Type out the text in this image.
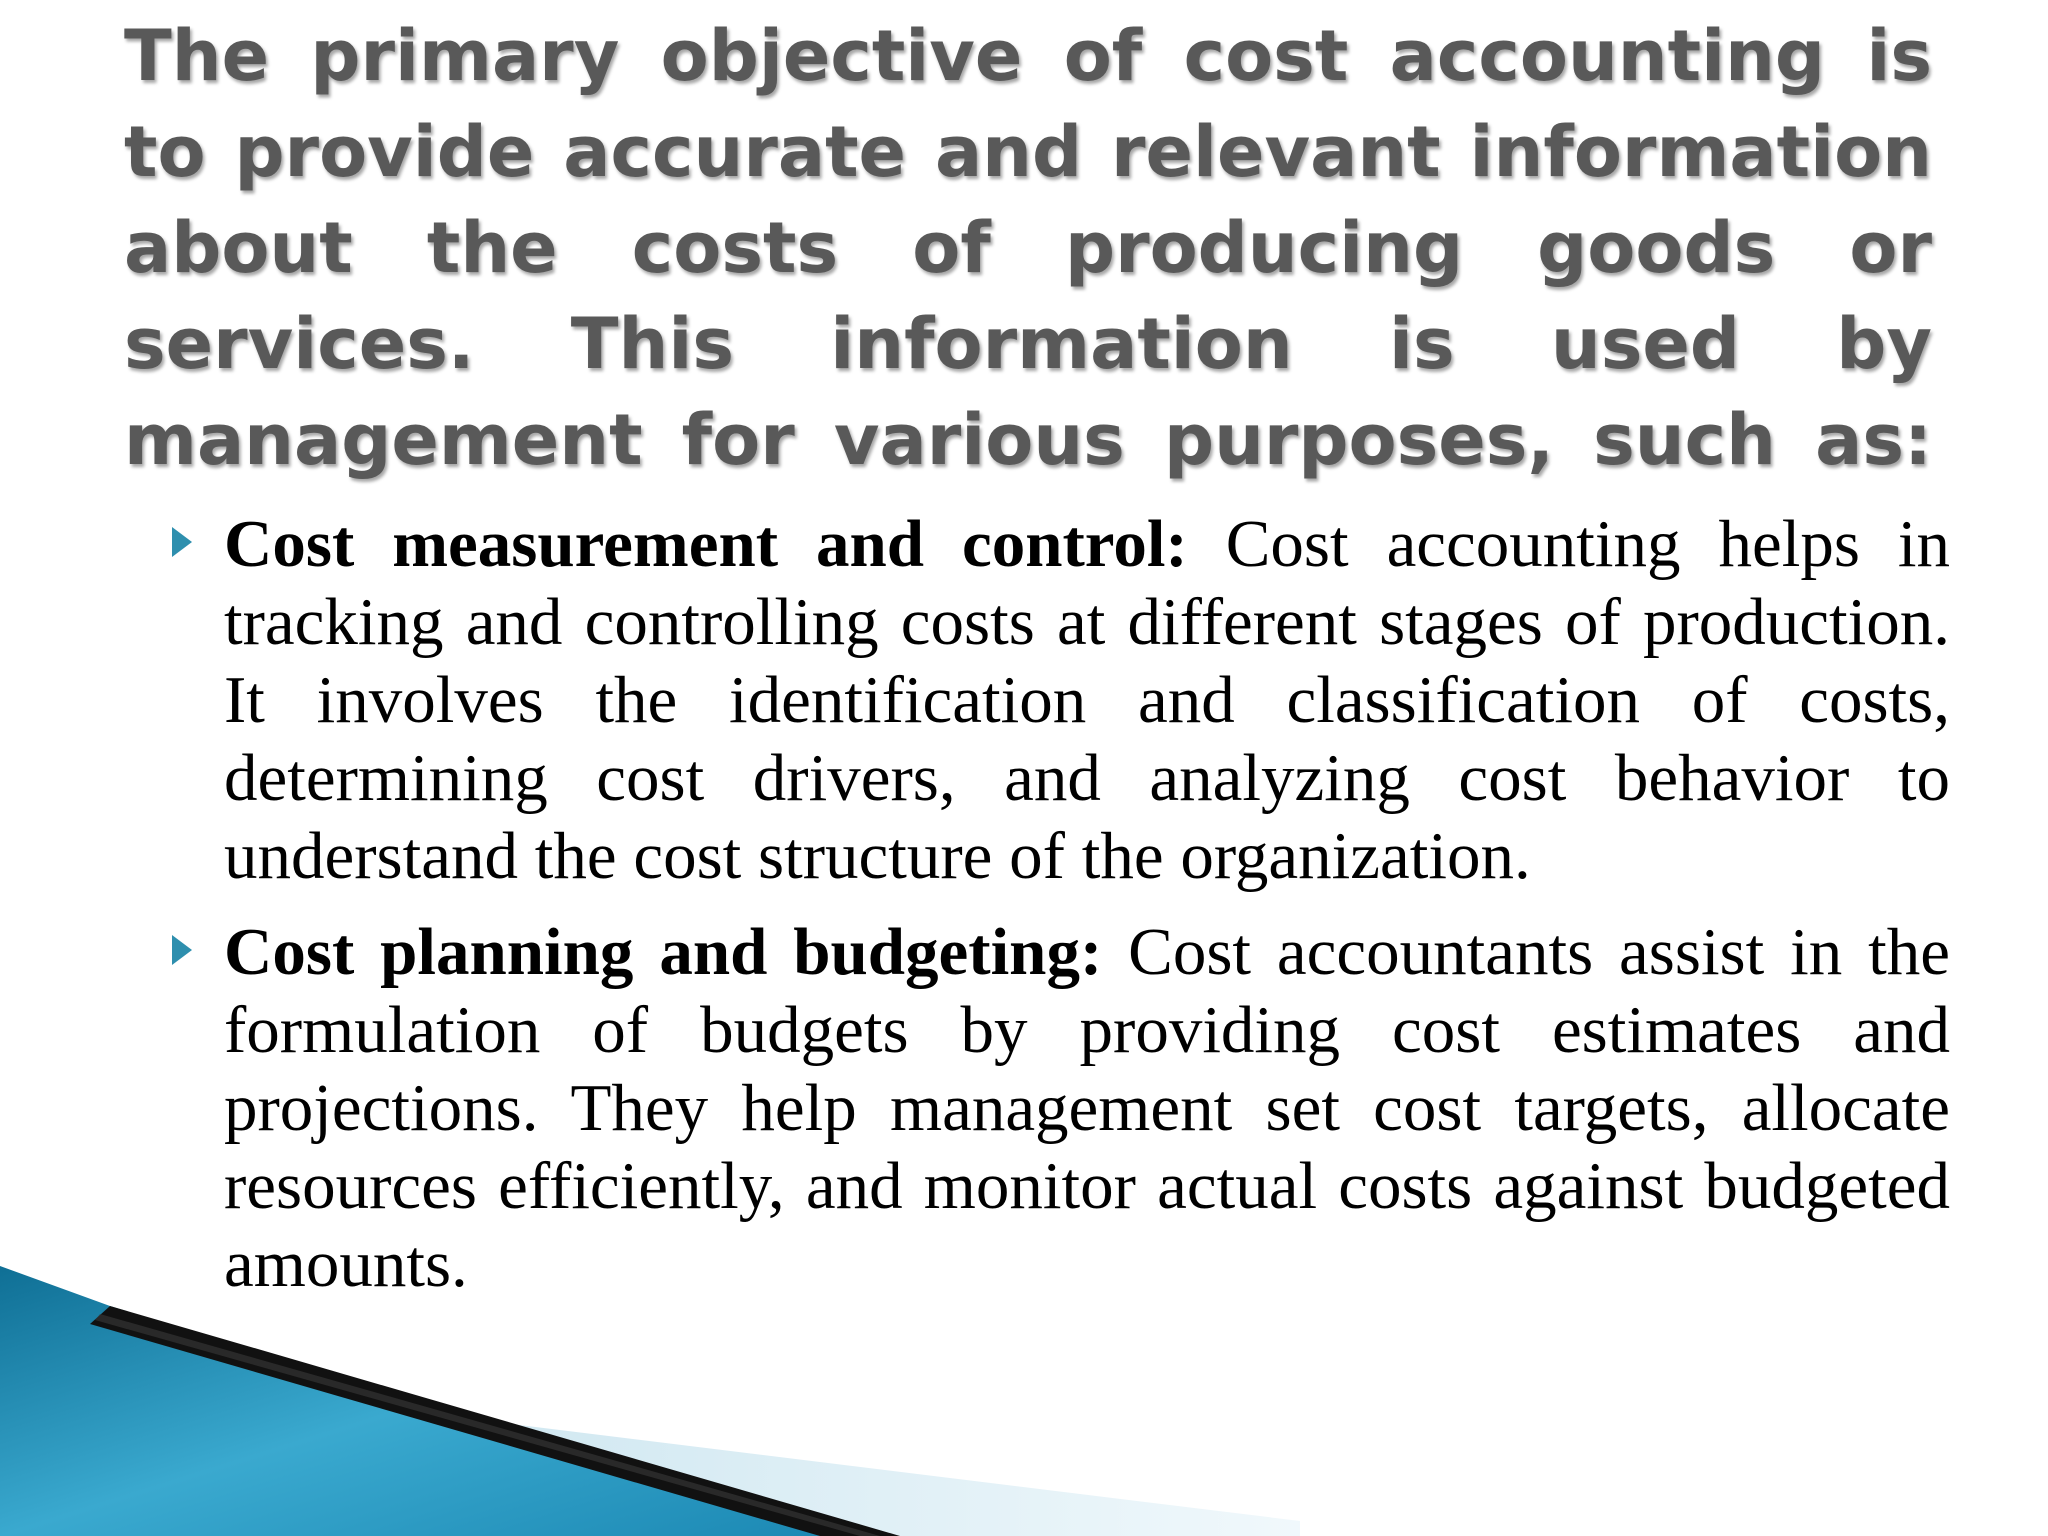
The primary objective of cost accounting is to provide accurate and relevant information about the costs of producing goods or services. This information is used by management for various purposes, such as:
Cost measurement and control: Cost accounting helps in tracking and controlling costs at different stages of production. It involves the identification and classification of costs, determining cost drivers, and analyzing cost behavior to understand the cost structure of the organization.
Cost planning and budgeting: Cost accountants assist in the formulation of budgets by providing cost estimates and projections. They help management set cost targets, allocate resources efficiently, and monitor actual costs against budgeted amounts.
